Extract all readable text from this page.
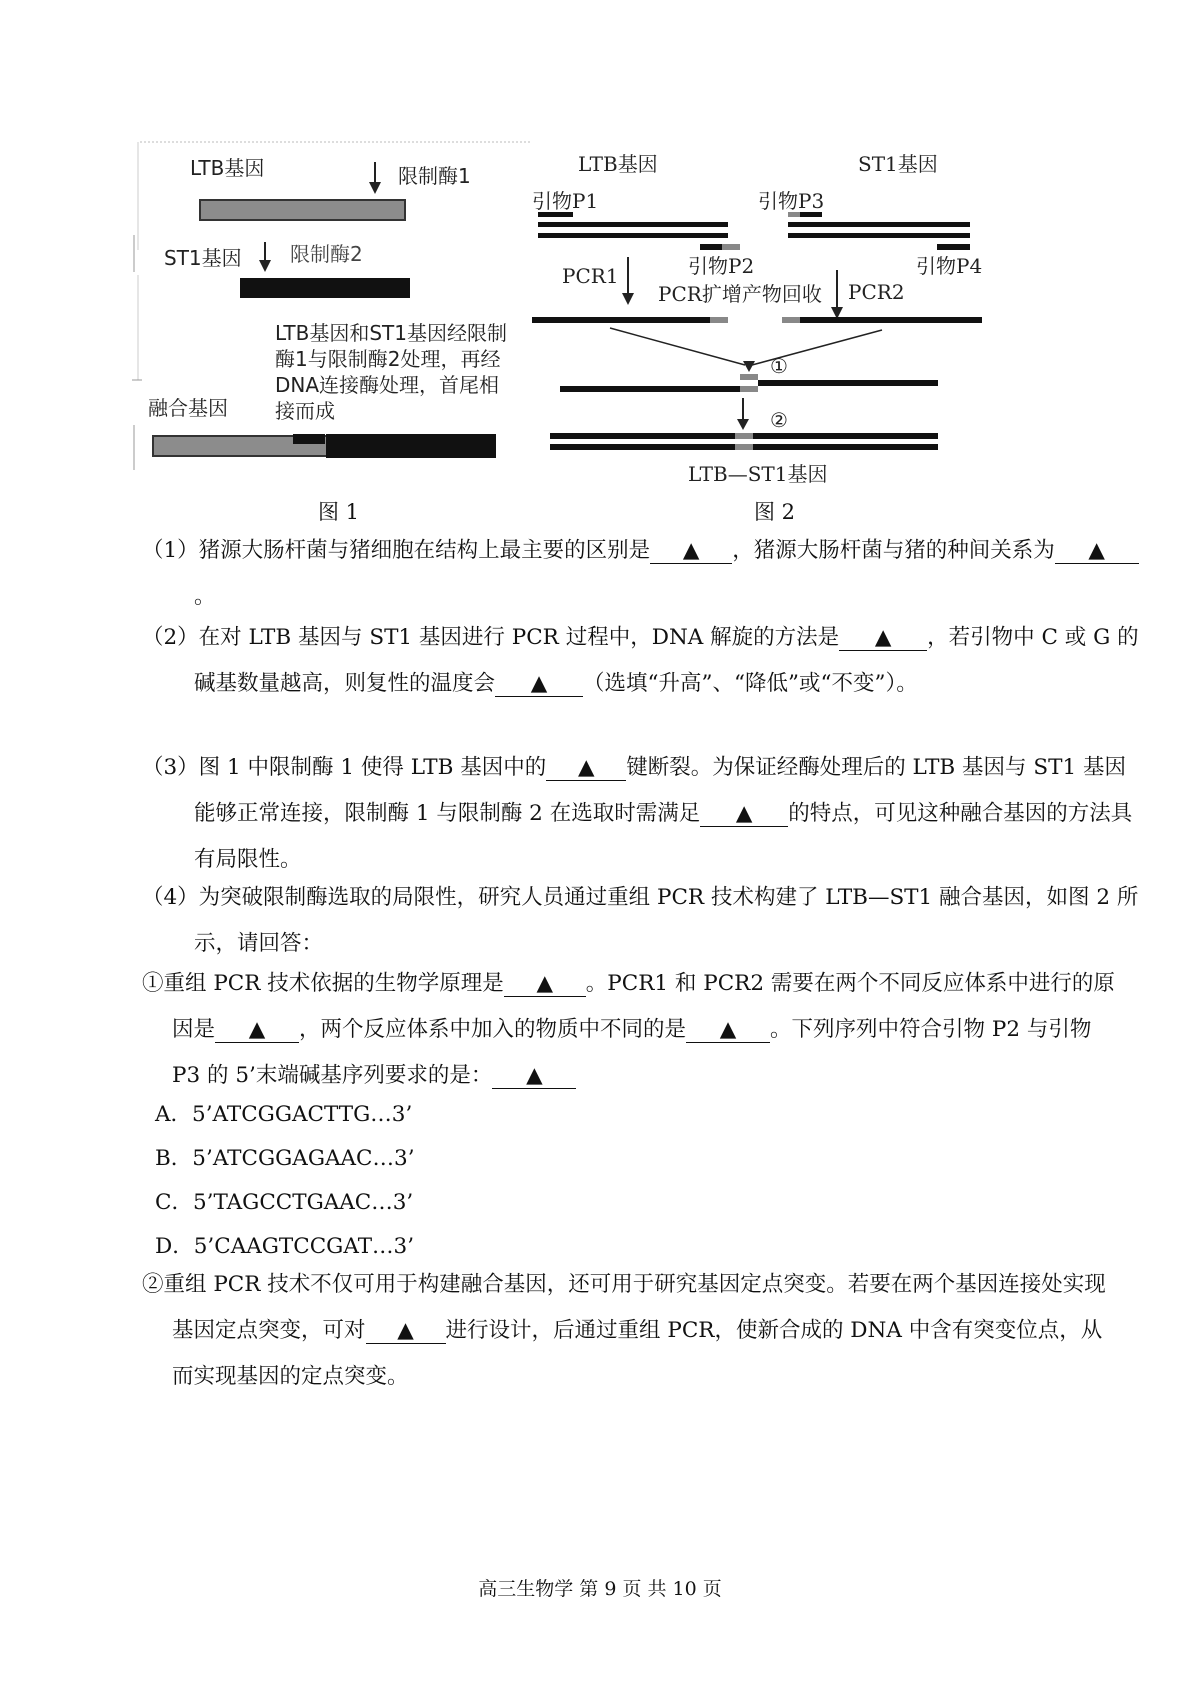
LTB基因	限制酶1
ST1基因 限制酶2
LTB基因和ST1基因经限制
酶1与限制酶2处理，再经
DNA连接酶处理，首尾相
接而成
融合基因
图 1
LTB基因	ST1基因
引物P1	引物P3
引物P2	引物P4
PCR1
PCR扩增产物回收 PCR2
①
②
LTB—ST1基因
图 2
（1）猪源大肠杆菌与猪细胞在结构上最主要的区别是 ▲ ，猪源大肠杆菌与猪的种间关系为 ▲。
（2）在对 LTB 基因与 ST1 基因进行 PCR 过程中，DNA 解旋的方法是 ▲ ，若引物中 C 或 G 的碱基数量越高，则复性的温度会 ▲ （选填“升高”、“降低”或“不变”）。
（3）图 1 中限制酶 1 使得 LTB 基因中的 ▲ 键断裂。为保证经酶处理后的 LTB 基因与 ST1 基因能够正常连接，限制酶 1 与限制酶 2 在选取时需满足 ▲ 的特点，可见这种融合基因的方法具有局限性。
（4）为突破限制酶选取的局限性，研究人员通过重组 PCR 技术构建了 LTB—ST1 融合基因，如图 2 所示，请回答：
①重组 PCR 技术依据的生物学原理是 ▲ 。PCR1 和 PCR2 需要在两个不同反应体系中进行的原因是 ▲ ，两个反应体系中加入的物质中不同的是 ▲ 。下列序列中符合引物 P2 与引物 P3 的 5’末端碱基序列要求的是： ▲
A．5’ATCGGACTTG…3’
B．5’ATCGGAGAAC…3’
C．5’TAGCCTGAAC…3’
D．5’CAAGTCCGAT…3’
②重组 PCR 技术不仅可用于构建融合基因，还可用于研究基因定点突变。若要在两个基因连接处实现基因定点突变，可对 ▲ 进行设计，后通过重组 PCR，使新合成的 DNA 中含有突变位点，从而实现基因的定点突变。
高三生物学 第 9 页 共 10 页
